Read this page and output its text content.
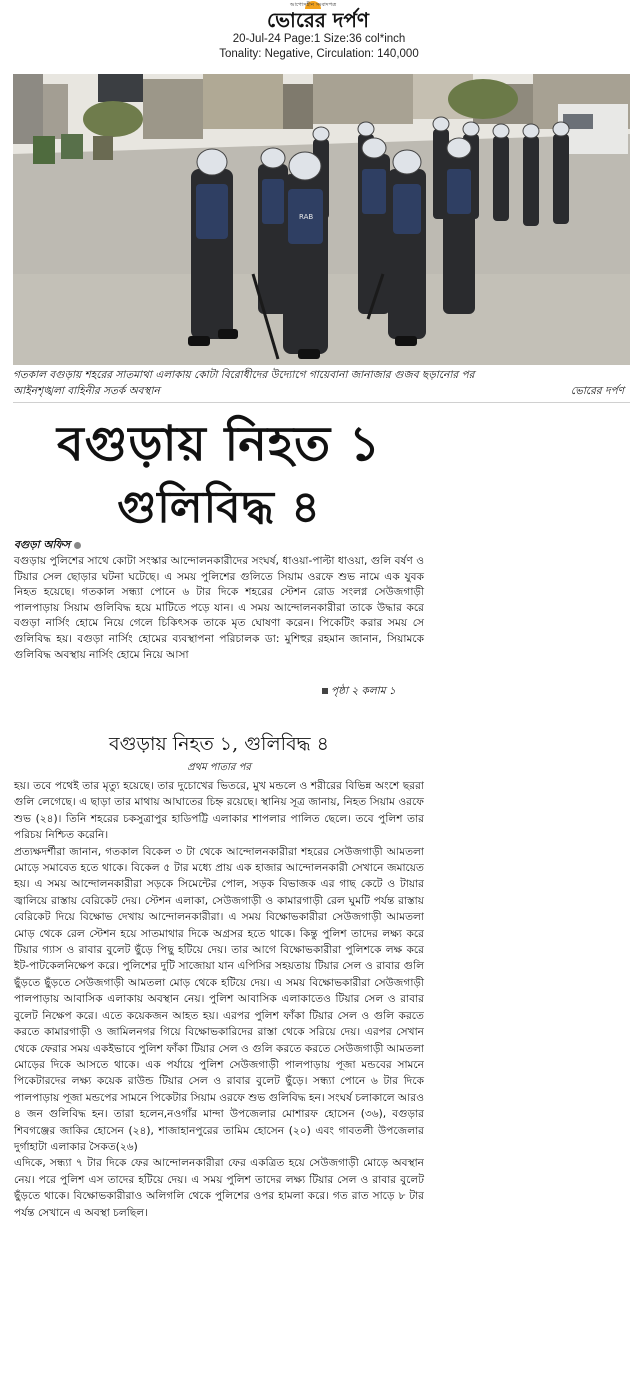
আপোসহীন সংবাদপত্র
ভোরের দর্পণ
20-Jul-24 Page:1 Size:36 col*inch
Tonality: Negative, Circulation: 140,000
RAB
গতকাল বগুড়ায় শহরের সাতমাথা এলাকায় কোটা বিরোধীদের উদ্যোগে গায়েবানা জানাজার গুজব ছড়ানোর পর
আইনশৃঙ্খলা বাহিনীর সতর্ক অবস্থান	ভোরের দর্পণ
বগুড়ায় নিহত ১
গুলিবিদ্ধ ৪
বগুড়া অফিস

বগুড়ায় পুলিশের সাথে কোটা সংস্কার আন্দোলনকারীদের সংঘর্ষ, ধাওয়া-পাল্টা ধাওয়া, গুলি বর্ষণ ও টিয়ার সেল ছোড়ার ঘটনা ঘটেছে। এ সময় পুলিশের গুলিতে সিয়াম ওরফে শুভ নামে এক যুবক নিহত হয়েছে। গতকাল সন্ধ্যা পোনে ৬ টার দিকে শহরের স্টেশন রোড সংলগ্ন সেউজগাড়ী পালপাড়ায় সিয়াম গুলিবিদ্ধ হয়ে মাটিতে পড়ে যান। এ সময় আন্দোলনকারীরা তাকে উদ্ধার করে বগুড়া নার্সিং হোমে নিয়ে গেলে চিকিৎসক তাকে মৃত ঘোষণা করেন। পিকেটিং করার সময় সে গুলিবিদ্ধ হয়। বগুড়া নার্সিং হোমের ব্যবস্থাপনা পরিচালক ডা: মুশিহুর রহমান জানান, সিয়ামকে গুলিবিদ্ধ অবস্থায় নার্সিং হোমে নিয়ে আসা

পৃষ্ঠা ২ কলাম ১
বগুড়ায় নিহত ১, গুলিবিদ্ধ ৪
প্রথম পাতার পর

হয়। তবে পথেই তার মৃত্যু হয়েছে। তার দুচোখের ভিতরে, মুখ মন্ডলে ও শরীরের বিভিন্ন অংশে ছররা গুলি লেগেছে। এ ছাড়া তার মাথায় আঘাতের চিহ্ন রয়েছে। স্থানিয় সূত্র জানায়, নিহত সিয়াম ওরফে শুভ (২৪)। তিনি শহরের চকসুত্রাপুর হাডিপট্টি এলাকার শাপলার পালিত ছেলে। তবে পুলিশ তার পরিচয় নিশ্চিত করেনি।

প্রত্যক্ষদর্শীরা জানান, গতকাল বিকেল ৩ টা থেকে আন্দোলনকারীরা শহরের সেউজগাড়ী আমতলা মোড়ে সমাবেত হতে থাকে। বিকেল ৫ টার মধ্যে প্রায় এক হাজার আন্দোলনকারী সেখানে জমায়েত হয়। এ সময় আন্দোলনকারীরা সড়কে সিমেন্টের পোল, সড়ক বিভাজক এর গাছ কেটে ও টায়ার জ্বালিয়ে রাস্তায় বেরিকেট দেয়। স্টেশন এলাকা, সেউজগাড়ী ও কামারগাড়ী রেল ঘুমটি পর্যন্ত রাস্তায় বেরিকেট দিয়ে বিক্ষোভ দেখায় আন্দোলনকারীরা। এ সময় বিক্ষোভকারীরা সেউজগাড়ী আমতলা মোড় থেকে রেল স্টেশন হয়ে সাতমাথার দিকে অগ্রসর হতে থাকে। কিন্তু পুলিশ তাদের লক্ষ্য করে টিয়ার গ্যাস ও রাবার বুলেট ছুঁড়ে পিছু হটিয়ে দেয়। তার আগে বিক্ষোভকারীরা পুলিশকে লক্ষ করে ইট-পাটকেলনিক্ষেপ করে। পুলিশের দুটি সাজোয়া যান এপিসির সহয়তায় টিয়ার সেল ও রাবার গুলি ছুঁড়তে ছুঁড়তে সেউজগাড়ী আমতলা মোড় থেকে হটিয়ে দেয়। এ সময় বিক্ষোভকারীরা সেউজগাড়ী পালপাড়ায় আবাসিক এলাকায় অবস্থান নেয়। পুলিশ আবাসিক এলাকাতেও টিয়ার সেল ও রাবার বুলেট নিক্ষেপ করে। এতে কয়েকজন আহত হয়। এরপর পুলিশ ফাঁকা টিয়ার সেল ও গুলি করতে করতে কামারগাড়ী ও জামিলনগর গিয়ে বিক্ষোভকারিদের রাস্তা থেকে সরিয়ে দেয়। এরপর সেখান থেকে ফেরার সময় একইভাবে পুলিশ ফাঁকা টিয়ার সেল ও গুলি করতে করতে সেউজগাড়ী আমতলা মোড়ের দিকে আসতে থাকে। এক পর্যায়ে পুলিশ সেউজগাড়ী পালপাড়ায় পূজা মন্ডবের সামনে পিকেটারদের লক্ষ্য কয়েক রাউন্ড টিয়ার সেল ও রাবার বুলেট ছুঁড়ে। সন্ধ্যা পোনে ৬ টার দিকে পালপাড়ায় পূজা মন্ডপের সামনে পিকেটার সিয়াম ওরফে শুভ গুলিবিদ্ধ হন। সংঘর্ষ চলাকালে আরও ৪ জন গুলিবিদ্ধ হন। তারা হলেন,নওগাঁর মান্দা উপজেলার মোশারফ হোসেন (৩৬), বগুড়ার শিবগঞ্জের জাকির হোসেন (২৪), শাজাহানপুরের তামিম হোসেন (২০) এবং গাবতলী উপজেলার দুর্গাহাটা এলাকার সৈকত(২৬)

এদিকে, সন্ধ্যা ৭ টার দিকে ফের আন্দোলনকারীরা ফের একত্রিত হয়ে সেউজগাড়ী মোড়ে অবস্থান নেয়। পরে পুলিশ এস তাদের হটিয়ে দেয়। এ সময় পুলিশ তাদের লক্ষ্য টিয়ার সেল ও রাবার বুলেট ছুঁড়তে থাকে। বিক্ষোভকারীরাও অলিগলি থেকে পুলিশের ওপর হামলা করে। গত রাত সাড়ে ৮ টার পর্যন্ত সেখানে এ অবস্থা চলছিল।
